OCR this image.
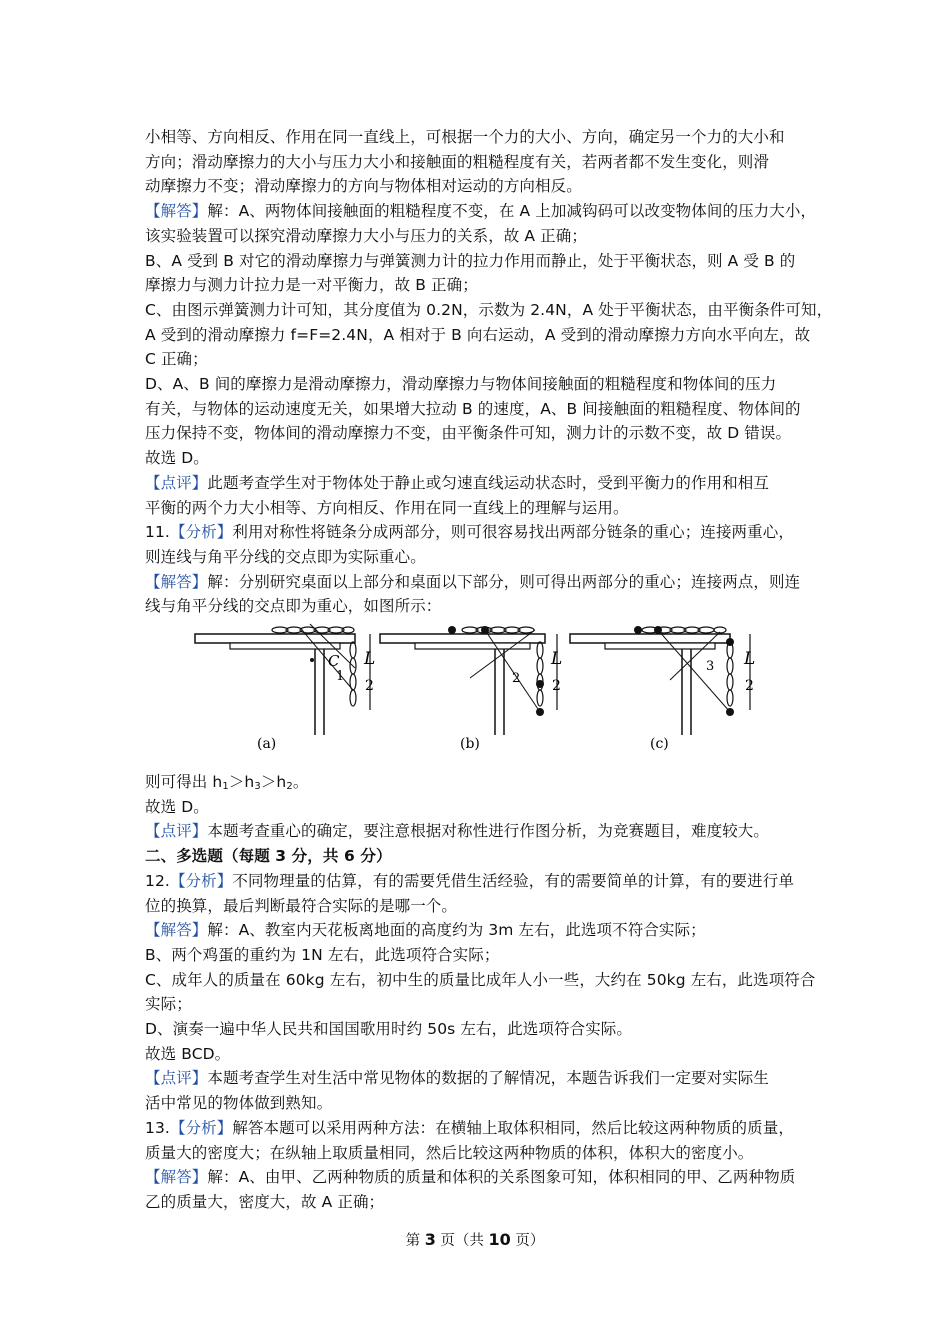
小相等、方向相反、作用在同一直线上，可根据一个力的大小、方向，确定另一个力的大小和
方向；滑动摩擦力的大小与压力大小和接触面的粗糙程度有关，若两者都不发生变化，则滑
动摩擦力不变；滑动摩擦力的方向与物体相对运动的方向相反。
【解答】解：A、两物体间接触面的粗糙程度不变，在 A 上加减钩码可以改变物体间的压力大小，
该实验装置可以探究滑动摩擦力大小与压力的关系，故 A 正确；
B、A 受到 B 对它的滑动摩擦力与弹簧测力计的拉力作用而静止，处于平衡状态，则 A 受 B 的
摩擦力与测力计拉力是一对平衡力，故 B 正确；
C、由图示弹簧测力计可知，其分度值为 0.2N，示数为 2.4N，A 处于平衡状态，由平衡条件可知，
A 受到的滑动摩擦力 f=F=2.4N，A 相对于 B 向右运动，A 受到的滑动摩擦力方向水平向左，故
C 正确；
D、A、B 间的摩擦力是滑动摩擦力，滑动摩擦力与物体间接触面的粗糙程度和物体间的压力
有关，与物体的运动速度无关，如果增大拉动 B 的速度，A、B 间接触面的粗糙程度、物体间的
压力保持不变，物体间的滑动摩擦力不变，由平衡条件可知，测力计的示数不变，故 D 错误。
故选 D。
【点评】此题考查学生对于物体处于静止或匀速直线运动状态时，受到平衡力的作用和相互
平衡的两个力大小相等、方向相反、作用在同一直线上的理解与运用。
11.【分析】利用对称性将链条分成两部分，则可很容易找出两部分链条的重心；连接两重心，
则连线与角平分线的交点即为实际重心。
【解答】解：分别研究桌面以上部分和桌面以下部分，则可得出两部分的重心；连接两点，则连
线与角平分线的交点即为重心，如图所示：
C
1
L
2
(a)
2
L
2
(b)
3 L
2
(c)
则可得出 $h_1>h_3>h_2$。
故选 D。
【点评】本题考查重心的确定，要注意根据对称性进行作图分析，为竞赛题目，难度较大。
二、多选题（每题 3 分，共 6 分）
12.【分析】不同物理量的估算，有的需要凭借生活经验，有的需要简单的计算，有的要进行单
位的换算，最后判断最符合实际的是哪一个。
【解答】解：A、教室内天花板离地面的高度约为 3m 左右，此选项不符合实际；
B、两个鸡蛋的重约为 1N 左右，此选项符合实际；
C、成年人的质量在 60kg 左右，初中生的质量比成年人小一些，大约在 50kg 左右，此选项符合
实际；
D、演奏一遍中华人民共和国国歌用时约 50s 左右，此选项符合实际。
故选 BCD。
【点评】本题考查学生对生活中常见物体的数据的了解情况，本题告诉我们一定要对实际生
活中常见的物体做到熟知。
13.【分析】解答本题可以采用两种方法：在横轴上取体积相同，然后比较这两种物质的质量，
质量大的密度大；在纵轴上取质量相同，然后比较这两种物质的体积，体积大的密度小。
【解答】解：A、由甲、乙两种物质的质量和体积的关系图象可知，体积相同的甲、乙两种物质
乙的质量大，密度大，故 A 正确；
第 3 页（共 10 页）
